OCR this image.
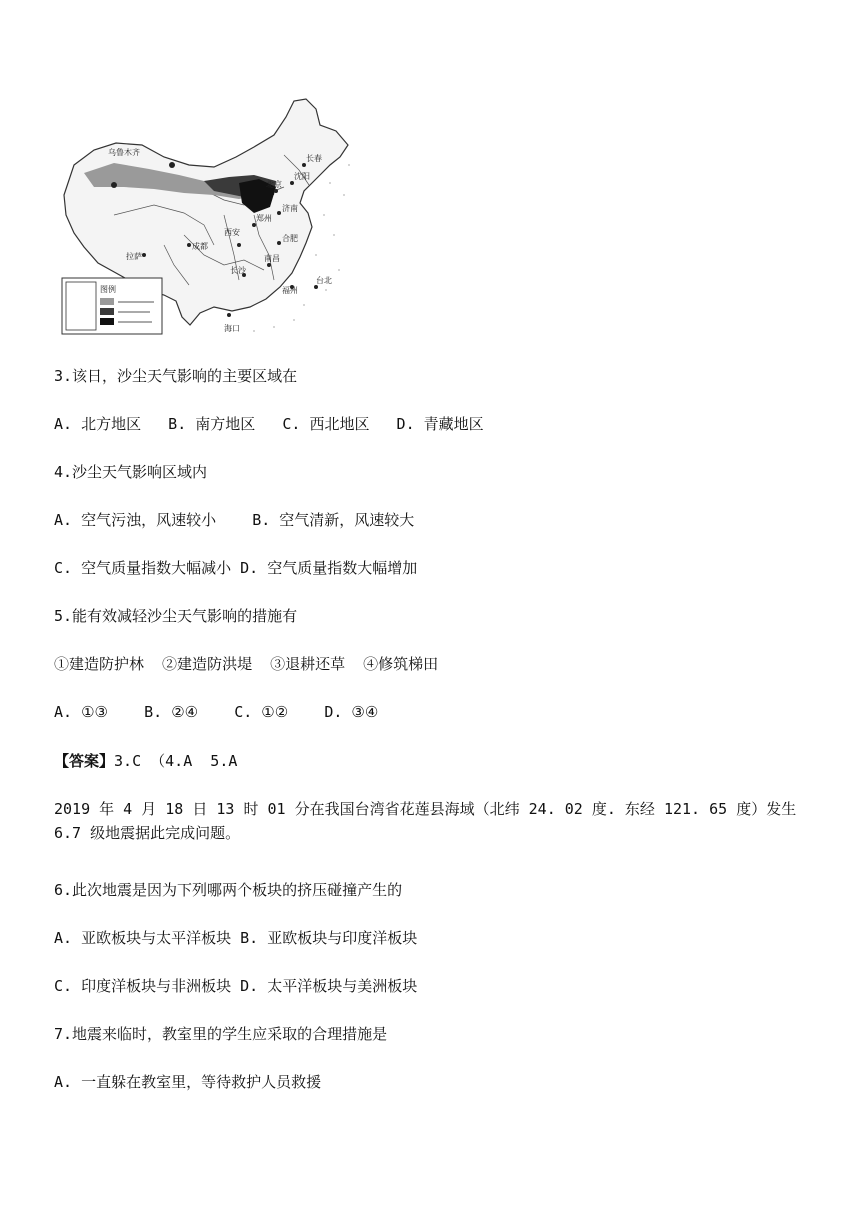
乌鲁木齐
长春
沈阳
北京
济南
郑州
成都
拉萨
西安
长沙
南昌
合肥
福州
台北
海口
图例
3.该日，沙尘天气影响的主要区域在
A. 北方地区   B. 南方地区   C. 西北地区   D. 青藏地区
4.沙尘天气影响区域内
A. 空气污浊，风速较小    B. 空气清新，风速较大
C. 空气质量指数大幅减小 D. 空气质量指数大幅增加
5.能有效减轻沙尘天气影响的措施有
①建造防护林  ②建造防洪堤  ③退耕还草  ④修筑梯田
A. ①③    B. ②④    C. ①②    D. ③④
【答案】3.C （4.A  5.A
2019 年 4 月 18 日 13 时 01 分在我国台湾省花莲县海域（北纬 24. 02 度. 东经 121. 65 度）发生 6.7 级地震据此完成问题。
6.此次地震是因为下列哪两个板块的挤压碰撞产生的
A. 亚欧板块与太平洋板块 B. 亚欧板块与印度洋板块
C. 印度洋板块与非洲板块 D. 太平洋板块与美洲板块
7.地震来临时，教室里的学生应采取的合理措施是
A. 一直躲在教室里，等待救护人员救援
